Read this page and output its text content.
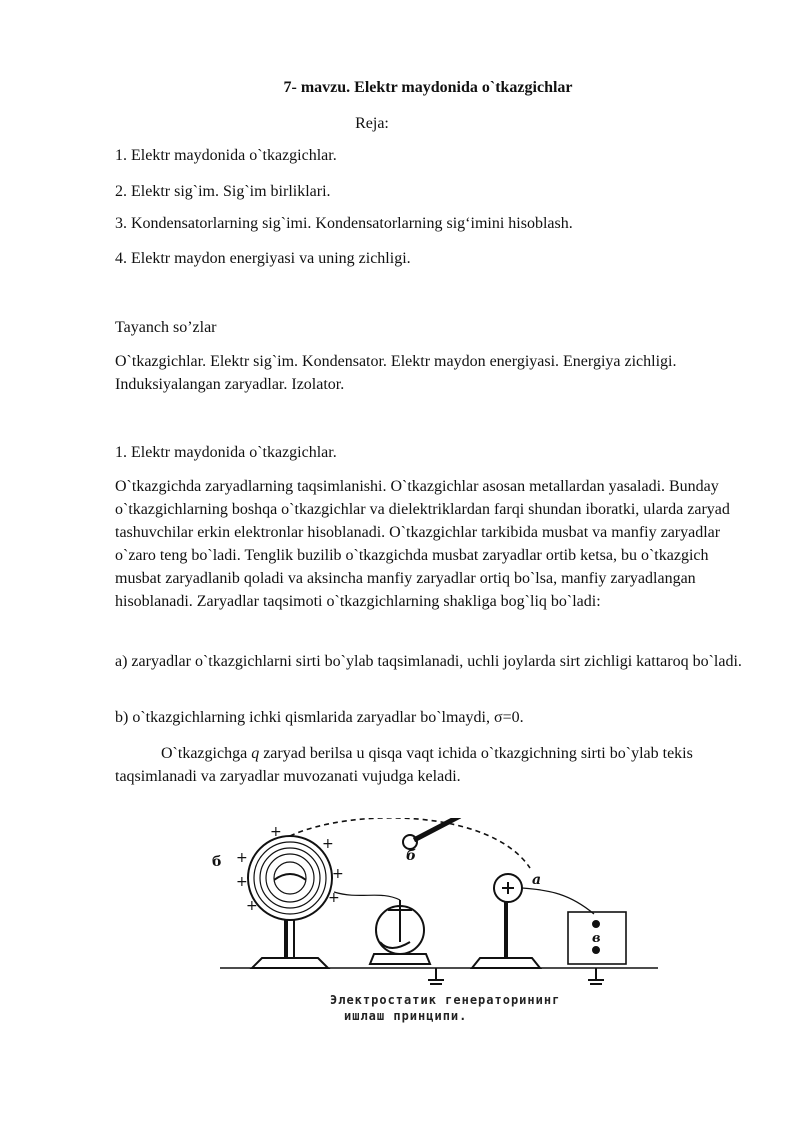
7- mavzu. Elektr maydonida o`tkazgichlar

Reja:

1. Elektr maydonida o`tkazgichlar.

2. Elektr sig`im. Sig`im birliklari.

3. Kondensatorlarning sig`imi. Kondensatorlarning sig‘imini hisoblash.

4. Elektr maydon energiyasi va uning zichligi.

Tayanch so’zlar

O`tkazgichlar. Elektr sig`im. Kondensator. Elektr maydon energiyasi. Energiya zichligi. Induksiyalangan zaryadlar. Izolator.

1. Elektr maydonida o`tkazgichlar.

O`tkazgichda zaryadlarning taqsimlanishi. O`tkazgichlar asosan metallardan yasaladi. Bunday o`tkazgichlarning boshqa o`tkazgichlar va dielektriklardan farqi shundan iboratki, ularda zaryad tashuvchilar erkin elektronlar hisoblanadi. O`tkazgichlar tarkibida musbat va manfiy zaryadlar o`zaro teng bo`ladi. Tenglik buzilib o`tkazgichda musbat zaryadlar ortib ketsa, bu o`tkazgich musbat zaryadlanib qoladi va aksincha manfiy zaryadlar ortiq bo`lsa, manfiy zaryadlangan hisoblanadi. Zaryadlar taqsimoti o`tkazgichlarning shakliga bog`liq bo`ladi:

a) zaryadlar o`tkazgichlarni sirti bo`ylab taqsimlanadi, uchli joylarda sirt zichligi kattaroq bo`ladi.

b) o`tkazgichlarning ichki qismlarida zaryadlar bo`lmaydi, σ=0.

O`tkazgichga q zaryad berilsa u qisqa vaqt ichida o`tkazgichning sirti bo`ylab tekis taqsimlanadi va zaryadlar muvozanati vujudga keladi.

+
+
+
+
+
+
+
б	б
a
в
Электростатик генераторининг
ишлаш принципи.
